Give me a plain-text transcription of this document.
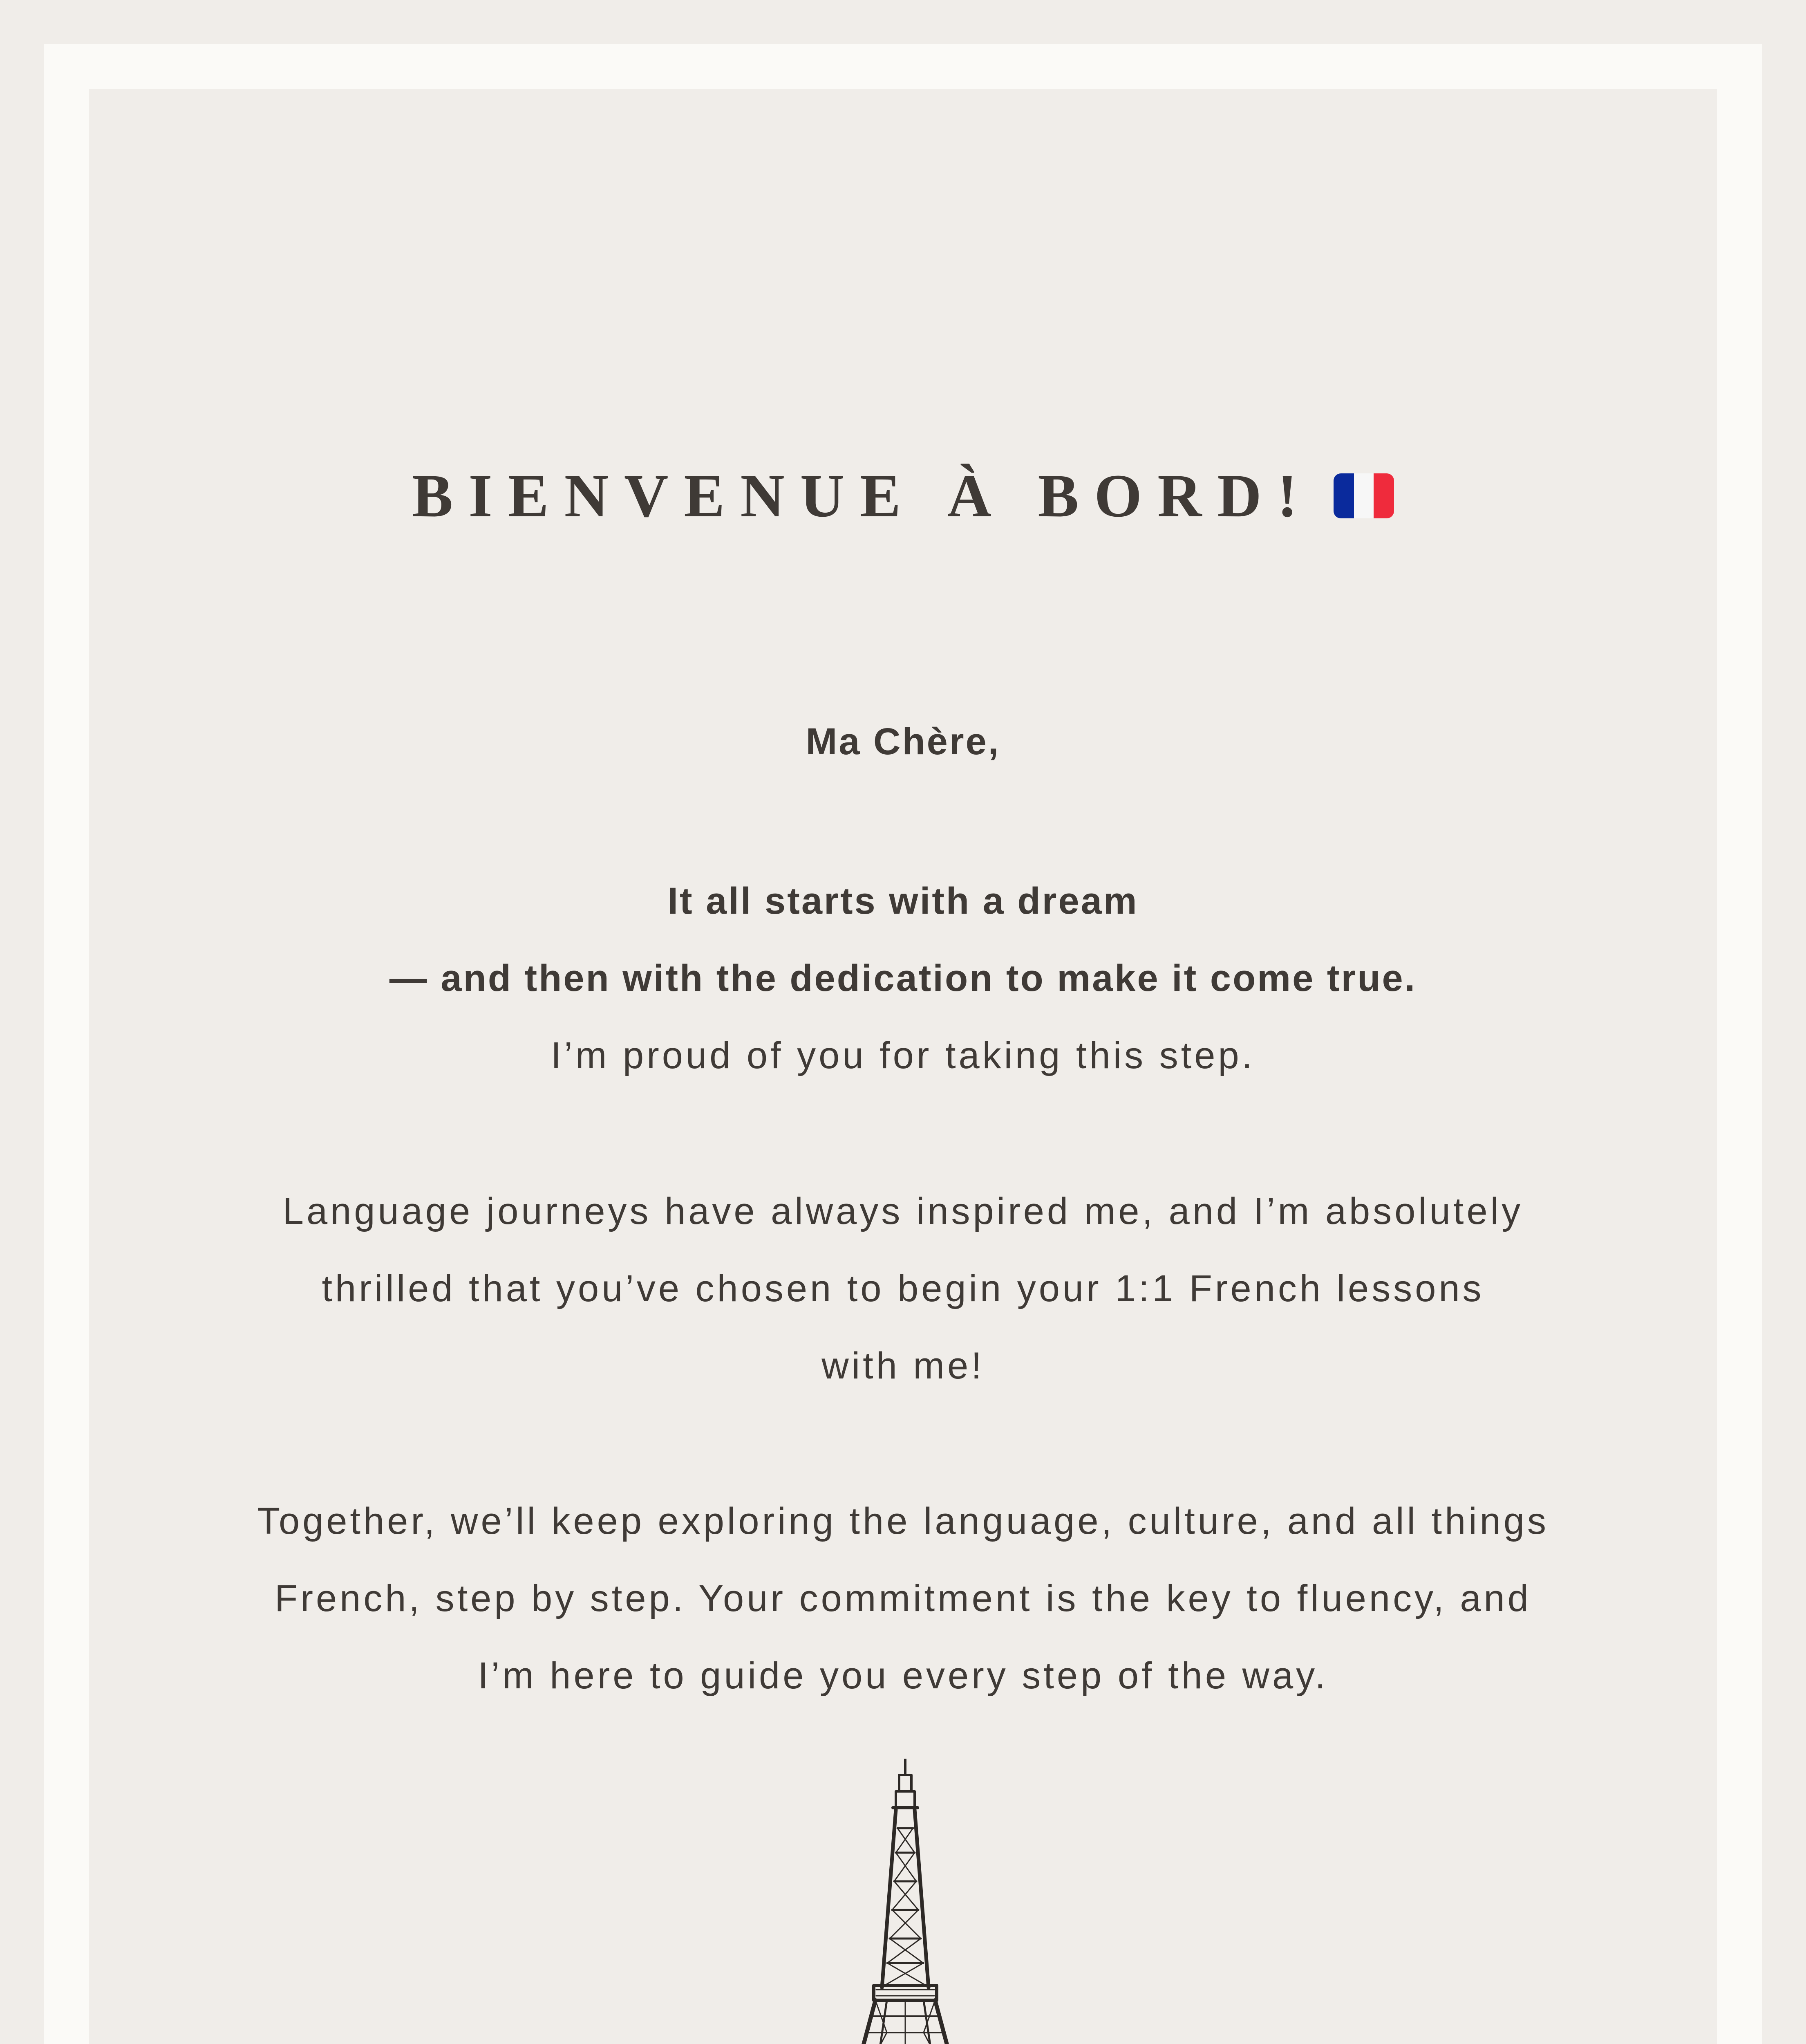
BIENVENUE À BORD!
Ma Chère,
It all starts with a dream
— and then with the dedication to make it come true.
I’m proud of you for taking this step.
Language journeys have always inspired me, and I’m absolutely
thrilled that you’ve chosen to begin your 1:1 French lessons
with me!
Together, we’ll keep exploring the language, culture, and all things
French, step by step. Your commitment is the key to fluency, and
I’m here to guide you every step of the way.
